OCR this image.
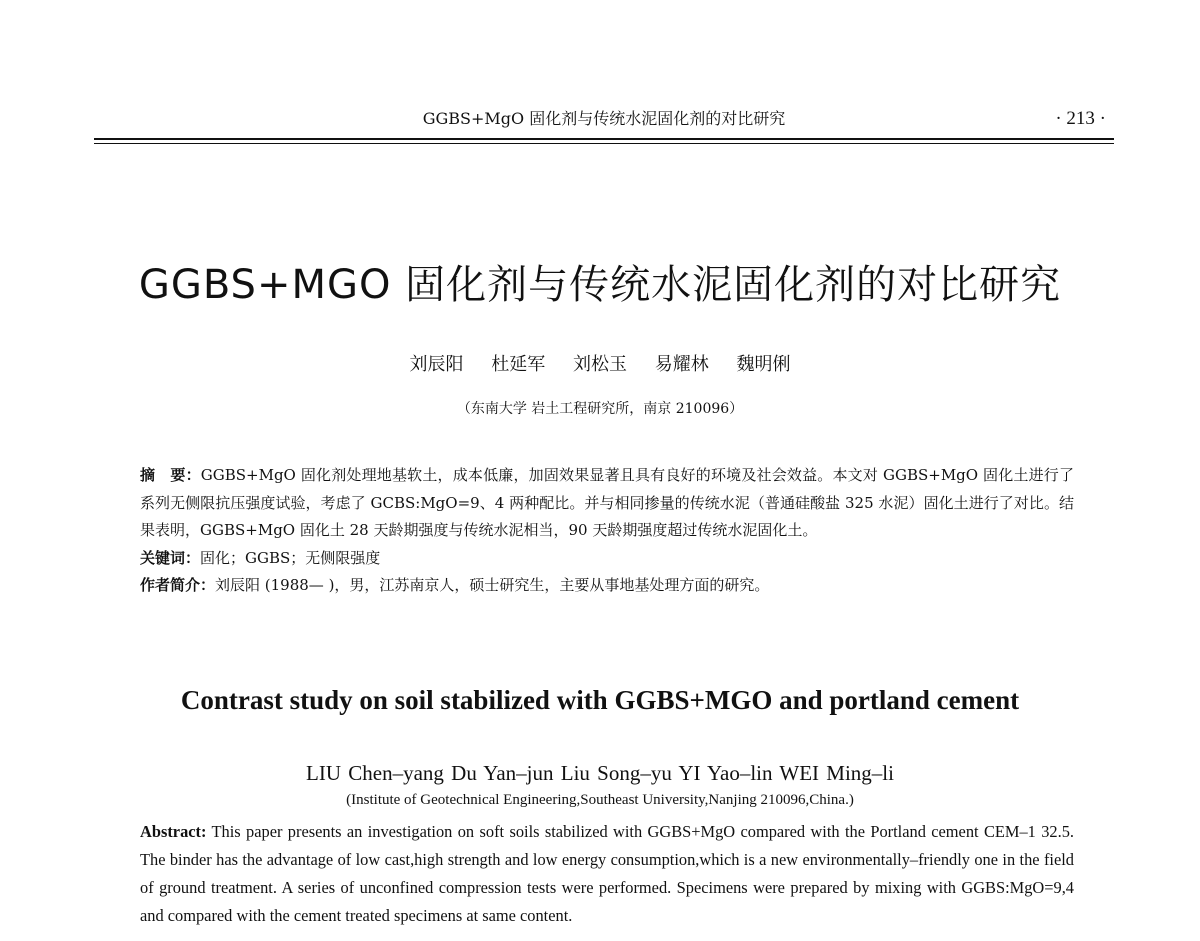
GGBS+MgO 固化剂与传统水泥固化剂的对比研究	· 213 ·
GGBS+MGO 固化剂与传统水泥固化剂的对比研究
刘辰阳 杜延军 刘松玉 易耀林 魏明俐
（东南大学 岩土工程研究所，南京 210096）

摘　要：GGBS+MgO 固化剂处理地基软土，成本低廉，加固效果显著且具有良好的环境及社会效益。本文对 GGBS+MgO 固化土进行了系列无侧限抗压强度试验，考虑了 GCBS:MgO=9、4 两种配比。并与相同掺量的传统水泥（普通硅酸盐 325 水泥）固化土进行了对比。结果表明，GGBS+MgO 固化土 28 天龄期强度与传统水泥相当，90 天龄期强度超过传统水泥固化土。

关键词：固化；GGBS；无侧限强度

作者简介：刘辰阳 (1988— )，男，江苏南京人，硕士研究生，主要从事地基处理方面的研究。

Contrast study on soil stabilized with GGBS+MGO and portland cement
LIU Chen–yang Du Yan–jun Liu Song–yu YI Yao–lin WEI Ming–li
(Institute of Geotechnical Engineering,Southeast University,Nanjing 210096,China.)

Abstract: This paper presents an investigation on soft soils stabilized with GGBS+MgO compared with the Portland cement CEM–1 32.5. The binder has the advantage of low cast,high strength and low energy consumption,which is a new environmentally–friendly one in the field of ground treatment. A series of unconfined compression tests were performed. Specimens were prepared by mixing with GGBS:MgO=9,4 and compared with the cement treated specimens at same content.
